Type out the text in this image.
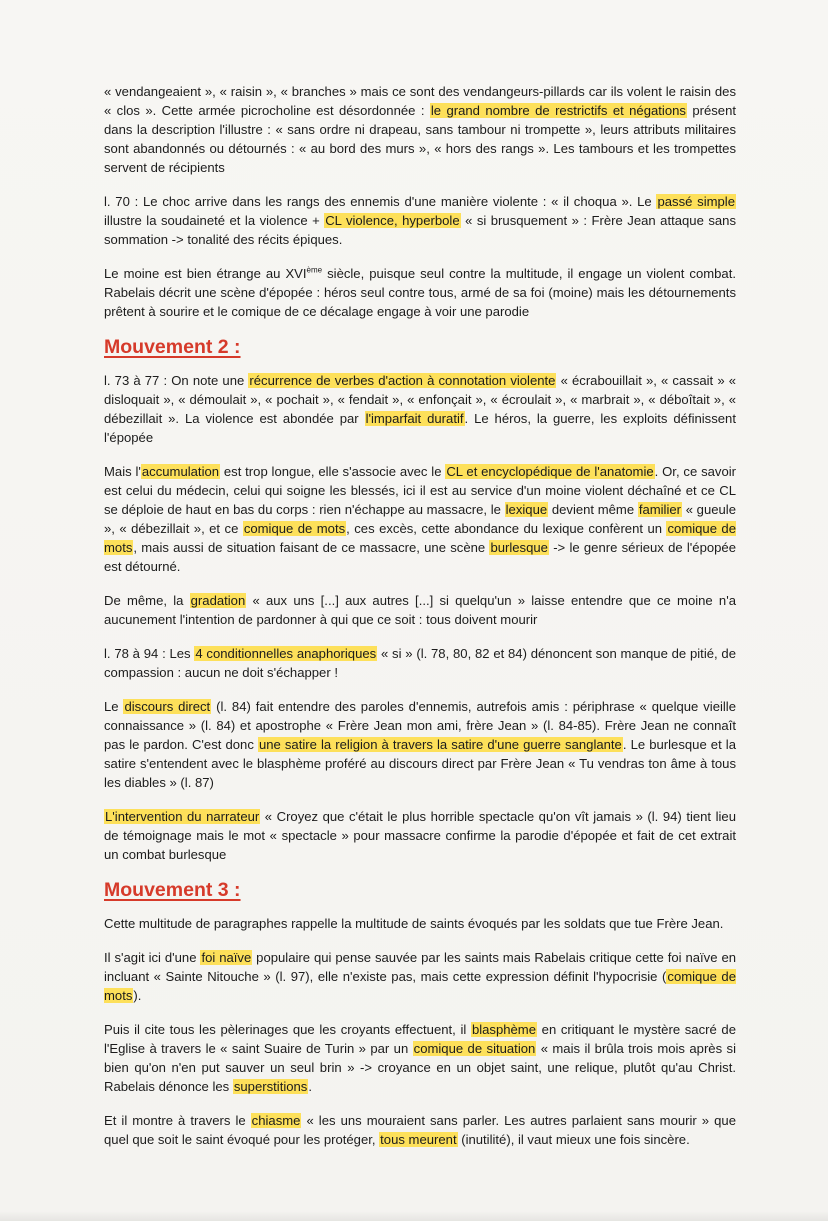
« vendangeaient », « raisin », « branches » mais ce sont des vendangeurs-pillards car ils volent le raisin des « clos ». Cette armée picrocholine est désordonnée : le grand nombre de restrictifs et négations présent dans la description l'illustre : « sans ordre ni drapeau, sans tambour ni trompette », leurs attributs militaires sont abandonnés ou détournés : « au bord des murs », « hors des rangs ». Les tambours et les trompettes servent de récipients

l. 70 : Le choc arrive dans les rangs des ennemis d'une manière violente : « il choqua ». Le passé simple illustre la soudaineté et la violence + CL violence, hyperbole « si brusquement » : Frère Jean attaque sans sommation -> tonalité des récits épiques.

Le moine est bien étrange au XVIème siècle, puisque seul contre la multitude, il engage un violent combat. Rabelais décrit une scène d'épopée : héros seul contre tous, armé de sa foi (moine) mais les détournements prêtent à sourire et le comique de ce décalage engage à voir une parodie

Mouvement 2 :

l. 73 à 77 : On note une récurrence de verbes d'action à connotation violente « écrabouillait », « cassait » « disloquait », « démoulait », « pochait », « fendait », « enfonçait », « écroulait », « marbrait », « déboîtait », « débezillait ». La violence est abondée par l'imparfait duratif. Le héros, la guerre, les exploits définissent l'épopée

Mais l'accumulation est trop longue, elle s'associe avec le CL et encyclopédique de l'anatomie. Or, ce savoir est celui du médecin, celui qui soigne les blessés, ici il est au service d'un moine violent déchaîné et ce CL se déploie de haut en bas du corps : rien n'échappe au massacre, le lexique devient même familier « gueule », « débezillait », et ce comique de mots, ces excès, cette abondance du lexique confèrent un comique de mots, mais aussi de situation faisant de ce massacre, une scène burlesque -> le genre sérieux de l'épopée est détourné.

De même, la gradation « aux uns [...] aux autres [...] si quelqu'un » laisse entendre que ce moine n'a aucunement l'intention de pardonner à qui que ce soit : tous doivent mourir

l. 78 à 94 : Les 4 conditionnelles anaphoriques « si » (l. 78, 80, 82 et 84) dénoncent son manque de pitié, de compassion : aucun ne doit s'échapper !

Le discours direct (l. 84) fait entendre des paroles d'ennemis, autrefois amis : périphrase « quelque vieille connaissance » (l. 84) et apostrophe « Frère Jean mon ami, frère Jean » (l. 84-85). Frère Jean ne connaît pas le pardon. C'est donc une satire la religion à travers la satire d'une guerre sanglante. Le burlesque et la satire s'entendent avec le blasphème proféré au discours direct par Frère Jean « Tu vendras ton âme à tous les diables » (l. 87)

L'intervention du narrateur « Croyez que c'était le plus horrible spectacle qu'on vît jamais » (l. 94) tient lieu de témoignage mais le mot « spectacle » pour massacre confirme la parodie d'épopée et fait de cet extrait un combat burlesque

Mouvement 3 :

Cette multitude de paragraphes rappelle la multitude de saints évoqués par les soldats que tue Frère Jean.

Il s'agit ici d'une foi naïve populaire qui pense sauvée par les saints mais Rabelais critique cette foi naïve en incluant « Sainte Nitouche » (l. 97), elle n'existe pas, mais cette expression définit l'hypocrisie (comique de mots).

Puis il cite tous les pèlerinages que les croyants effectuent, il blasphème en critiquant le mystère sacré de l'Eglise à travers le « saint Suaire de Turin » par un comique de situation « mais il brûla trois mois après si bien qu'on n'en put sauver un seul brin » -> croyance en un objet saint, une relique, plutôt qu'au Christ. Rabelais dénonce les superstitions.

Et il montre à travers le chiasme « les uns mouraient sans parler. Les autres parlaient sans mourir » que quel que soit le saint évoqué pour les protéger, tous meurent (inutilité), il vaut mieux une fois sincère.
